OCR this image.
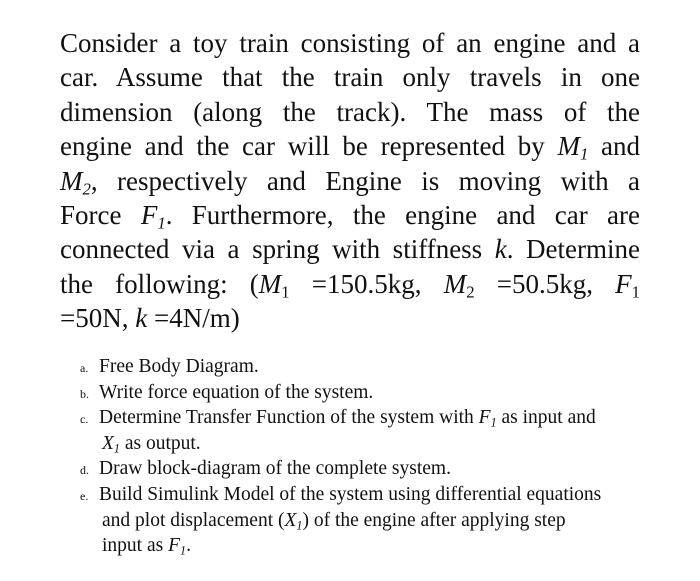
Consider a toy train consisting of an engine and a
car. Assume that the train only travels in one
dimension (along the track). The mass of the
engine and the car will be represented by $M_1$ and
$M_2$, respectively and Engine is moving with a
Force $F_1$. Furthermore, the engine and car are
connected via a spring with stiffness k. Determine
the following: ($M_1 =150.5kg$, $M_2 =50.5kg$, $F_1$
=50N, k =4N/m)
a. Free Body Diagram.
b. Write force equation of the system.
c. Determine Transfer Function of the system with $F_1$ as input and
$X_1$ as output.
d. Draw block-diagram of the complete system.
e. Build Simulink Model of the system using differential equations
and plot displacement $(X_1)$ of the engine after applying step
input as $F_1$.
